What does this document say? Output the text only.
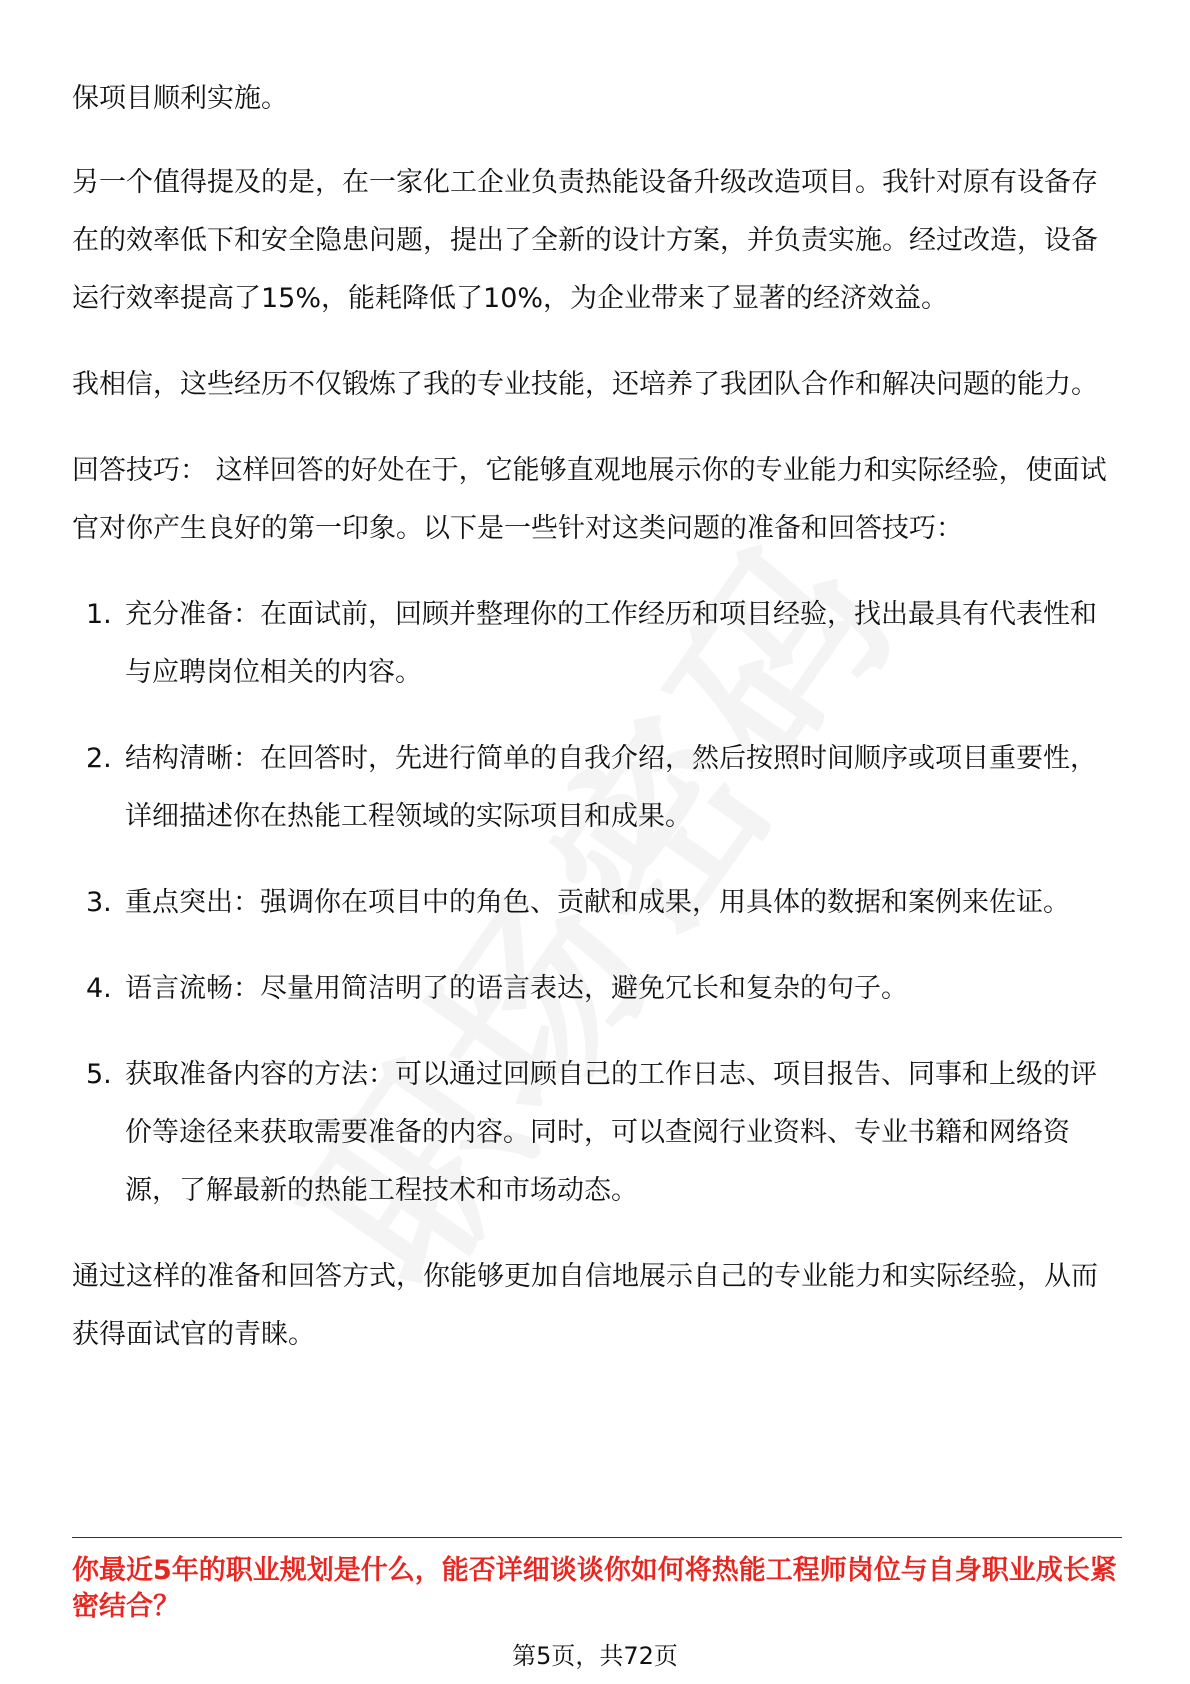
保项目顺利实施。

另一个值得提及的是，在一家化工企业负责热能设备升级改造项目。我针对原有设备存在的效率低下和安全隐患问题，提出了全新的设计方案，并负责实施。经过改造，设备运行效率提高了15%，能耗降低了10%，为企业带来了显著的经济效益。

我相信，这些经历不仅锻炼了我的专业技能，还培养了我团队合作和解决问题的能力。

回答技巧： 这样回答的好处在于，它能够直观地展示你的专业能力和实际经验，使面试官对你产生良好的第一印象。以下是一些针对这类问题的准备和回答技巧：

1. 充分准备：在面试前，回顾并整理你的工作经历和项目经验，找出最具有代表性和与应聘岗位相关的内容。
2. 结构清晰：在回答时，先进行简单的自我介绍，然后按照时间顺序或项目重要性，详细描述你在热能工程领域的实际项目和成果。
3. 重点突出：强调你在项目中的角色、贡献和成果，用具体的数据和案例来佐证。
4. 语言流畅：尽量用简洁明了的语言表达，避免冗长和复杂的句子。
5. 获取准备内容的方法：可以通过回顾自己的工作日志、项目报告、同事和上级的评价等途径来获取需要准备的内容。同时，可以查阅行业资料、专业书籍和网络资源，了解最新的热能工程技术和市场动态。

通过这样的准备和回答方式，你能够更加自信地展示自己的专业能力和实际经验，从而获得面试官的青睐。

你最近5年的职业规划是什么，能否详细谈谈你如何将热能工程师岗位与自身职业成长紧密结合？
第5页，共72页
